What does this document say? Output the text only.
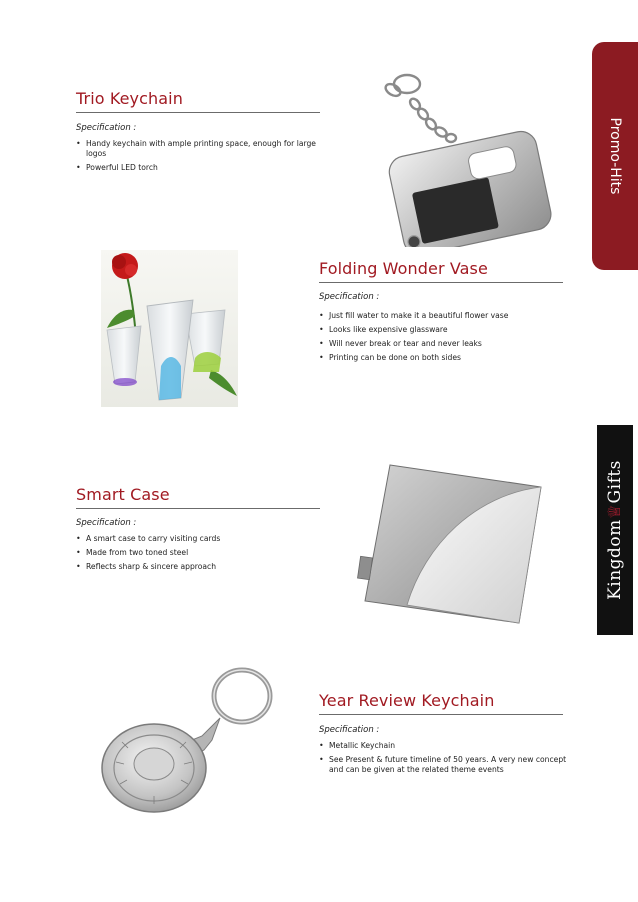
Promo-Hits
Kingdom♕Gifts
Trio Keychain
Specification :
• Handy keychain with ample printing space, enough for large logos
• Powerful LED torch
Folding Wonder Vase
Specification :
• Just fill water to make it a beautiful flower vase
• Looks like expensive glassware
• Will never break or tear and never leaks
• Printing can be done on both sides
Smart Case
Specification :
• A smart case to carry visiting cards
• Made from two toned steel
• Reflects sharp & sincere approach
Year Review Keychain
Specification :
• Metallic Keychain
• See Present & future timeline of 50 years. A very new concept and can be given at the related theme events
